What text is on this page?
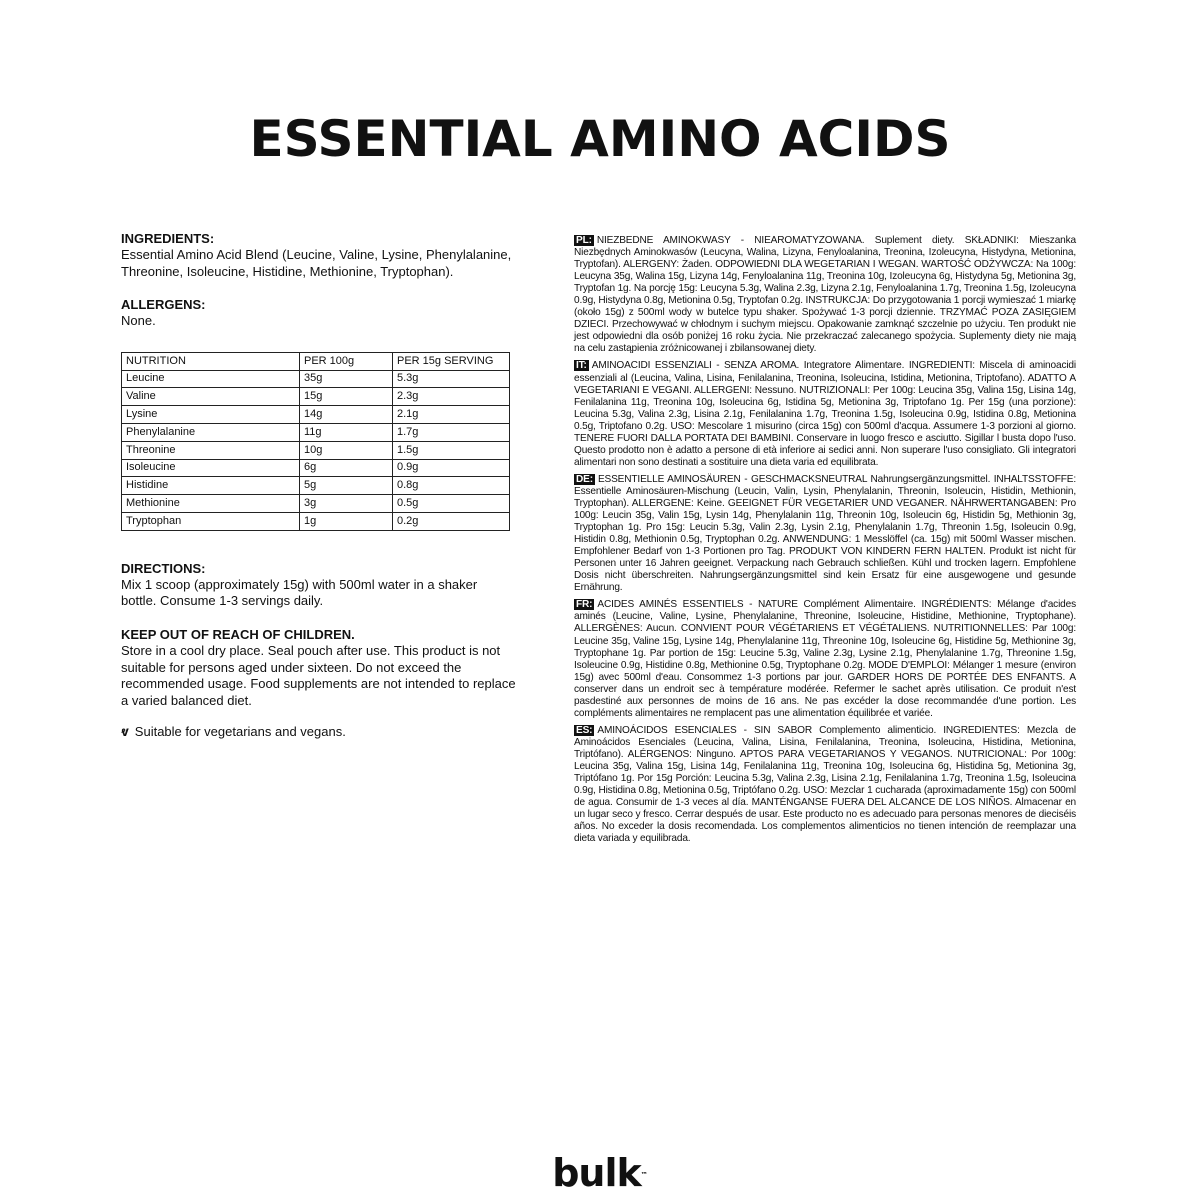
ESSENTIAL AMINO ACIDS
INGREDIENTS:
Essential Amino Acid Blend (Leucine, Valine, Lysine, Phenylalanine, Threonine, Isoleucine, Histidine, Methionine, Tryptophan).
ALLERGENS:
None.
NUTRITION	PER 100g	PER 15g SERVING
Leucine	35g	5.3g
Valine	15g	2.3g
Lysine	14g	2.1g
Phenylalanine	11g	1.7g
Threonine	10g	1.5g
Isoleucine	6g	0.9g
Histidine	5g	0.8g
Methionine	3g	0.5g
Tryptophan	1g	0.2g
DIRECTIONS:
Mix 1 scoop (approximately 15g) with 500ml water in a shaker bottle. Consume 1-3 servings daily.
KEEP OUT OF REACH OF CHILDREN.
Store in a cool dry place. Seal pouch after use. This product is not suitable for persons aged under sixteen. Do not exceed the recommended usage. Food supplements are not intended to replace a varied balanced diet.
ⱴ Suitable for vegetarians and vegans.
PL: NIEZBEDNE AMINOKWASY - NIEAROMATYZOWANA. Suplement diety. SKŁADNIKI: Mieszanka Niezbędnych Aminokwasów (Leucyna, Walina, Lizyna, Fenyloalanina, Treonina, Izoleucyna, Histydyna, Metionina, Tryptofan). ALERGENY: Żaden. ODPOWIEDNI DLA WEGETARIAN I WEGAN. WARTOŚĆ ODŻYWCZA: Na 100g: Leucyna 35g, Walina 15g, Lizyna 14g, Fenyloalanina 11g, Treonina 10g, Izoleucyna 6g, Histydyna 5g, Metionina 3g, Tryptofan 1g. Na porcję 15g: Leucyna 5.3g, Walina 2.3g, Lizyna 2.1g, Fenyloalanina 1.7g, Treonina 1.5g, Izoleucyna 0.9g, Histydyna 0.8g, Metionina 0.5g, Tryptofan 0.2g. INSTRUKCJA: Do przygotowania 1 porcji wymieszać 1 miarkę (około 15g) z 500ml wody w butelce typu shaker. Spożywać 1-3 porcji dziennie. TRZYMAĆ POZA ZASIĘGIEM DZIECI. Przechowywać w chłodnym i suchym miejscu. Opakowanie zamknąć szczelnie po użyciu. Ten produkt nie jest odpowiedni dla osób poniżej 16 roku życia. Nie przekraczać zalecanego spożycia. Suplementy diety nie mają na celu zastąpienia zróżnicowanej i zbilansowanej diety.
IT: AMINOACIDI ESSENZIALI - SENZA AROMA. Integratore Alimentare. INGREDIENTI: Miscela di aminoacidi essenziali al (Leucina, Valina, Lisina, Fenilalanina, Treonina, Isoleucina, Istidina, Metionina, Triptofano). ADATTO A VEGETARIANI E VEGANI. ALLERGENI: Nessuno. NUTRIZIONALI: Per 100g: Leucina 35g, Valina 15g, Lisina 14g, Fenilalanina 11g, Treonina 10g, Isoleucina 6g, Istidina 5g, Metionina 3g, Triptofano 1g. Per 15g (una porzione): Leucina 5.3g, Valina 2.3g, Lisina 2.1g, Fenilalanina 1.7g, Treonina 1.5g, Isoleucina 0.9g, Istidina 0.8g, Metionina 0.5g, Triptofano 0.2g. USO: Mescolare 1 misurino (circa 15g) con 500ml d'acqua. Assumere 1-3 porzioni al giorno. TENERE FUORI DALLA PORTATA DEI BAMBINI. Conservare in luogo fresco e asciutto. Sigillar l busta dopo l'uso. Questo prodotto non è adatto a persone di età inferiore ai sedici anni. Non superare l'uso consigliato. Gli integratori alimentari non sono destinati a sostituire una dieta varia ed equilibrata.
DE: ESSENTIELLE AMINOSÄUREN - GESCHMACKSNEUTRAL Nahrungsergänzungsmittel. INHALTSSTOFFE: Essentielle Aminosäuren-Mischung (Leucin, Valin, Lysin, Phenylalanin, Threonin, Isoleucin, Histidin, Methionin, Tryptophan). ALLERGENE: Keine. GEEIGNET FÜR VEGETARIER UND VEGANER. NÄHRWERTANGABEN: Pro 100g: Leucin 35g, Valin 15g, Lysin 14g, Phenylalanin 11g, Threonin 10g, Isoleucin 6g, Histidin 5g, Methionin 3g, Tryptophan 1g. Pro 15g: Leucin 5.3g, Valin 2.3g, Lysin 2.1g, Phenylalanin 1.7g, Threonin 1.5g, Isoleucin 0.9g, Histidin 0.8g, Methionin 0.5g, Tryptophan 0.2g. ANWENDUNG: 1 Messlöffel (ca. 15g) mit 500ml Wasser mischen. Empfohlener Bedarf von 1-3 Portionen pro Tag. PRODUKT VON KINDERN FERN HALTEN. Produkt ist nicht für Personen unter 16 Jahren geeignet. Verpackung nach Gebrauch schließen. Kühl und trocken lagern. Empfohlene Dosis nicht überschreiten. Nahrungsergänzungsmittel sind kein Ersatz für eine ausgewogene und gesunde Ernährung.
FR: ACIDES AMINÉS ESSENTIELS - NATURE Complément Alimentaire. INGRÉDIENTS: Mélange d'acides aminés (Leucine, Valine, Lysine, Phenylalanine, Threonine, Isoleucine, Histidine, Methionine, Tryptophane). ALLERGÈNES: Aucun. CONVIENT POUR VÉGÉTARIENS ET VÉGÉTALIENS. NUTRITIONNELLES: Par 100g: Leucine 35g, Valine 15g, Lysine 14g, Phenylalanine 11g, Threonine 10g, Isoleucine 6g, Histidine 5g, Methionine 3g, Tryptophane 1g. Par portion de 15g: Leucine 5.3g, Valine 2.3g, Lysine 2.1g, Phenylalanine 1.7g, Threonine 1.5g, Isoleucine 0.9g, Histidine 0.8g, Methionine 0.5g, Tryptophane 0.2g. MODE D'EMPLOI: Mélanger 1 mesure (environ 15g) avec 500ml d'eau. Consommez 1-3 portions par jour. GARDER HORS DE PORTÉE DES ENFANTS. A conserver dans un endroit sec à température modérée. Refermer le sachet après utilisation. Ce produit n'est pasdestiné aux personnes de moins de 16 ans. Ne pas excéder la dose recommandée d'une portion. Les compléments alimentaires ne remplacent pas une alimentation équilibrée et variée.
ES: AMINOÁCIDOS ESENCIALES - SIN SABOR Complemento alimenticio. INGREDIENTES: Mezcla de Aminoácidos Esenciales (Leucina, Valina, Lisina, Fenilalanina, Treonina, Isoleucina, Histidina, Metionina, Triptófano). ALÉRGENOS: Ninguno. APTOS PARA VEGETARIANOS Y VEGANOS. NUTRICIONAL: Por 100g: Leucina 35g, Valina 15g, Lisina 14g, Fenilalanina 11g, Treonina 10g, Isoleucina 6g, Histidina 5g, Metionina 3g, Triptófano 1g. Por 15g Porción: Leucina 5.3g, Valina 2.3g, Lisina 2.1g, Fenilalanina 1.7g, Treonina 1.5g, Isoleucina 0.9g, Histidina 0.8g, Metionina 0.5g, Triptófano 0.2g. USO: Mezclar 1 cucharada (aproximadamente 15g) con 500ml de agua. Consumir de 1-3 veces al día. MANTÉNGANSE FUERA DEL ALCANCE DE LOS NIÑOS. Almacenar en un lugar seco y fresco. Cerrar después de usar. Este producto no es adecuado para personas menores de dieciséis años. No exceder la dosis recomendada. Los complementos alimenticios no tienen intención de reemplazar una dieta variada y equilibrada.
bulk™
